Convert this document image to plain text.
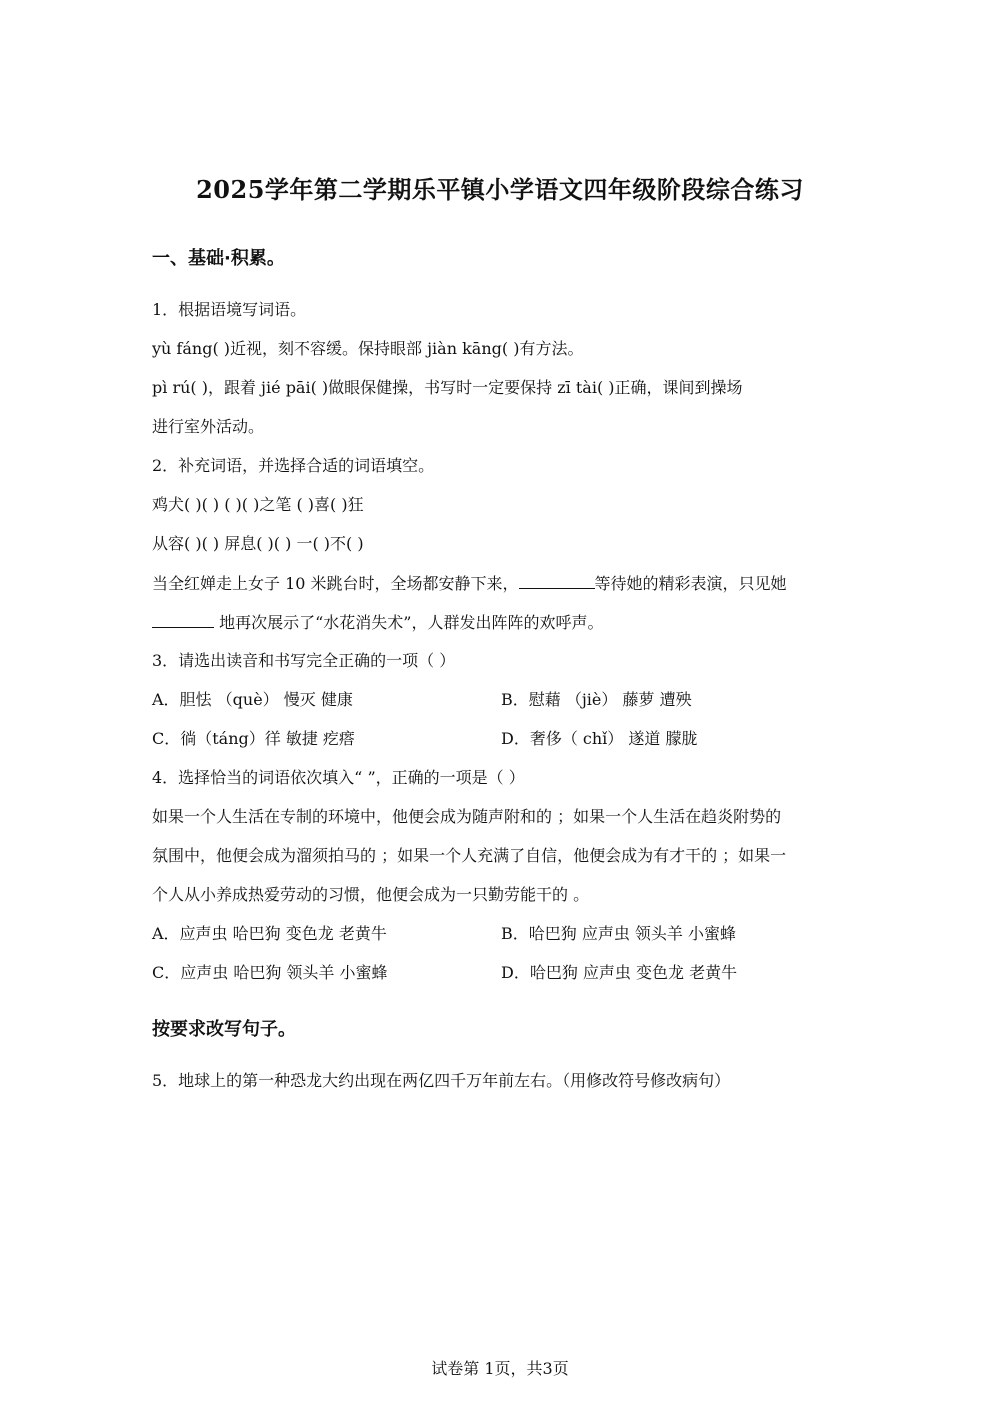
2025学年第二学期乐平镇小学语文四年级阶段综合练习
一、基础·积累。
1．根据语境写词语。
yù fáng( )近视，刻不容缓。保持眼部 jiàn kāng( )有方法。
pì rú( )，跟着 jié pāi( )做眼保健操，书写时一定要保持 zī tài( )正确，课间到操场
进行室外活动。
2．补充词语，并选择合适的词语填空。
鸡犬( )( ) ( )( )之笔 ( )喜( )狂
从容( )( ) 屏息( )( ) 一( )不( )
当全红婵走上女子 10 米跳台时，全场都安静下来，	等待她的精彩表演，只见她
地再次展示了“水花消失术”，人群发出阵阵的欢呼声。
3．请选出读音和书写完全正确的一项（ ）
A．胆怯 （què） 慢灭 健康	B．慰藉 （jiè） 藤萝 遭殃
C．徜（táng）徉 敏捷 疙瘩	D．奢侈（ chǐ） 遂道 朦胧
4．选择恰当的词语依次填入“ ”，正确的一项是（ ）
如果一个人生活在专制的环境中，他便会成为随声附和的 ；如果一个人生活在趋炎附势的
氛围中，他便会成为溜须拍马的 ；如果一个人充满了自信，他便会成为有才干的 ；如果一
个人从小养成热爱劳动的习惯，他便会成为一只勤劳能干的 。
A．应声虫 哈巴狗 变色龙 老黄牛	B．哈巴狗 应声虫 领头羊 小蜜蜂
C．应声虫 哈巴狗 领头羊 小蜜蜂	D．哈巴狗 应声虫 变色龙 老黄牛
按要求改写句子。
5．地球上的第一种恐龙大约出现在两亿四千万年前左右。（用修改符号修改病句）
试卷第 1页，共3页
